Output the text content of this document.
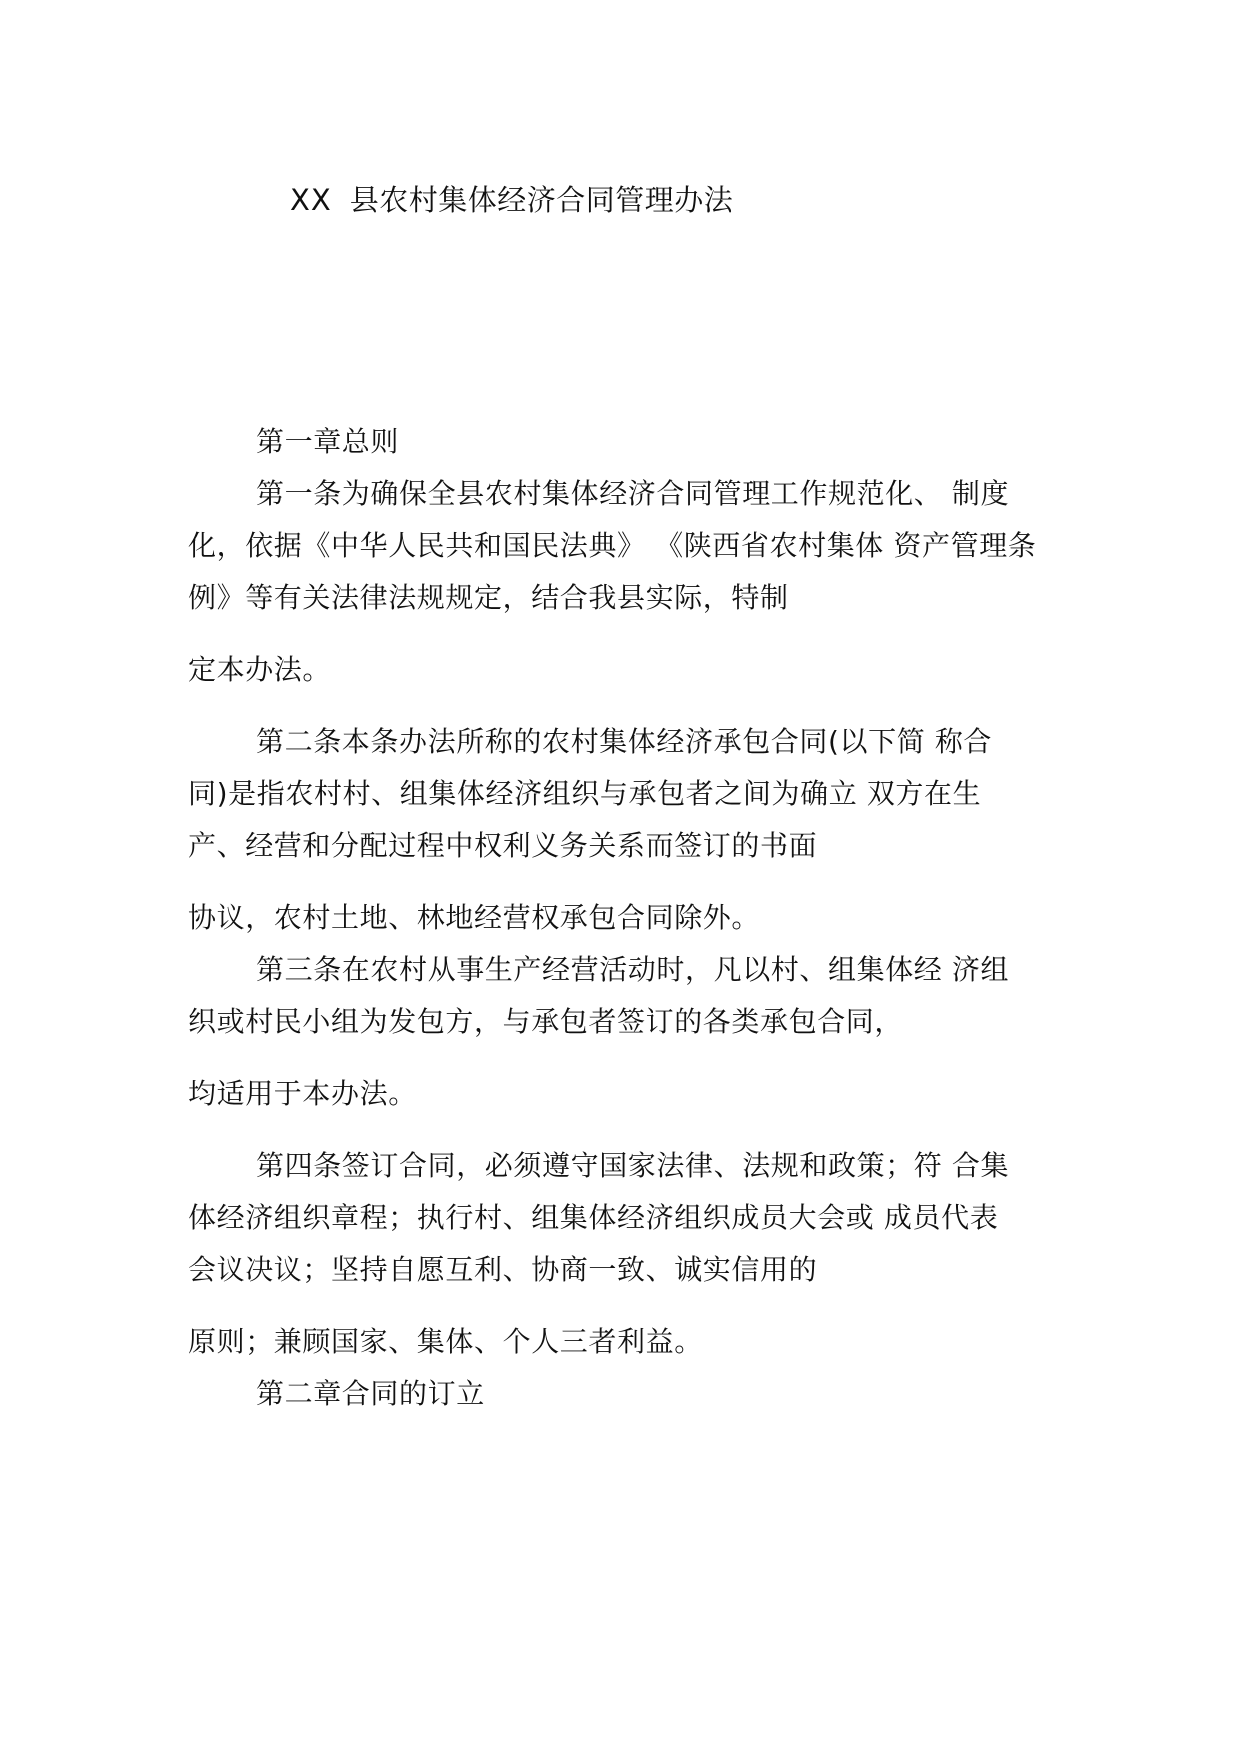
XX 县农村集体经济合同管理办法
第一章总则
第一条为确保全县农村集体经济合同管理工作规范化、 制度
化，依据《中华人民共和国民法典》 《陕西省农村集体 资产管理条
例》等有关法律法规规定，结合我县实际，特制
定本办法。
第二条本条办法所称的农村集体经济承包合同(以下简 称合
同)是指农村村、组集体经济组织与承包者之间为确立 双方在生
产、经营和分配过程中权利义务关系而签订的书面
协议，农村土地、林地经营权承包合同除外。
第三条在农村从事生产经营活动时，凡以村、组集体经 济组
织或村民小组为发包方，与承包者签订的各类承包合同，
均适用于本办法。
第四条签订合同，必须遵守国家法律、法规和政策；符 合集
体经济组织章程；执行村、组集体经济组织成员大会或 成员代表
会议决议；坚持自愿互利、协商一致、诚实信用的
原则；兼顾国家、集体、个人三者利益。
第二章合同的订立
